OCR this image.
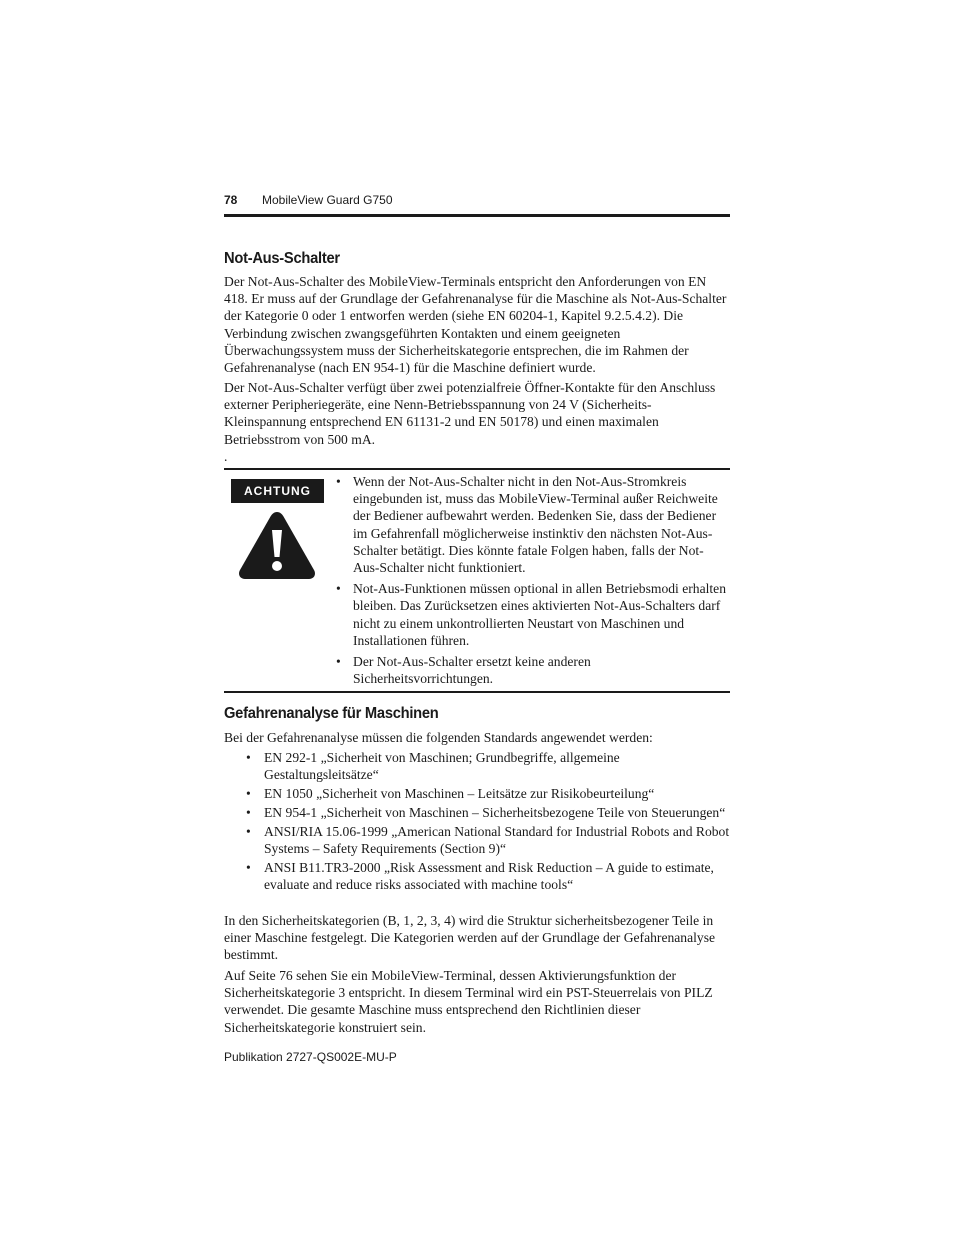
78 MobileView Guard G750
Not-Aus-Schalter

Der Not-Aus-Schalter des MobileView-Terminals entspricht den Anforderungen von EN 418. Er muss auf der Grundlage der Gefahrenanalyse für die Maschine als Not-Aus-Schalter der Kategorie 0 oder 1 entworfen werden (siehe EN 60204-1, Kapitel 9.2.5.4.2). Die Verbindung zwischen zwangsgeführten Kontakten und einem geeigneten Überwachungssystem muss der Sicherheitskategorie entsprechen, die im Rahmen der Gefahrenanalyse (nach EN 954-1) für die Maschine definiert wurde.

Der Not-Aus-Schalter verfügt über zwei potenzialfreie Öffner-Kontakte für den Anschluss externer Peripheriegeräte, eine Nenn-Betriebsspannung von 24 V (Sicherheits-Kleinspannung entsprechend EN 61131-2 und EN 50178) und einen maximalen Betriebsstrom von 500 mA.

.

ACHTUNG
• Wenn der Not-Aus-Schalter nicht in den Not-Aus-Stromkreis eingebunden ist, muss das MobileView-Terminal außer Reichweite der Bediener aufbewahrt werden. Bedenken Sie, dass der Bediener im Gefahrenfall möglicherweise instinktiv den nächsten Not-Aus-Schalter betätigt. Dies könnte fatale Folgen haben, falls der Not-Aus-Schalter nicht funktioniert.
• Not-Aus-Funktionen müssen optional in allen Betriebsmodi erhalten bleiben. Das Zurücksetzen eines aktivierten Not-Aus-Schalters darf nicht zu einem unkontrollierten Neustart von Maschinen und Installationen führen.
• Der Not-Aus-Schalter ersetzt keine anderen Sicherheitsvorrichtungen.
Gefahrenanalyse für Maschinen

Bei der Gefahrenanalyse müssen die folgenden Standards angewendet werden:

• EN 292-1 „Sicherheit von Maschinen; Grundbegriffe, allgemeine Gestaltungsleitsätze“
• EN 1050 „Sicherheit von Maschinen – Leitsätze zur Risikobeurteilung“
• EN 954-1 „Sicherheit von Maschinen – Sicherheitsbezogene Teile von Steuerungen“
• ANSI/RIA 15.06-1999 „American National Standard for Industrial Robots and Robot Systems – Safety Requirements (Section 9)“
• ANSI B11.TR3-2000 „Risk Assessment and Risk Reduction – A guide to estimate, evaluate and reduce risks associated with machine tools“

In den Sicherheitskategorien (B, 1, 2, 3, 4) wird die Struktur sicherheitsbezogener Teile in einer Maschine festgelegt. Die Kategorien werden auf der Grundlage der Gefahrenanalyse bestimmt.

Auf Seite 76 sehen Sie ein MobileView-Terminal, dessen Aktivierungsfunktion der Sicherheitskategorie 3 entspricht. In diesem Terminal wird ein PST-Steuerrelais von PILZ verwendet. Die gesamte Maschine muss entsprechend den Richtlinien dieser Sicherheitskategorie konstruiert sein.

Publikation 2727-QS002E-MU-P
